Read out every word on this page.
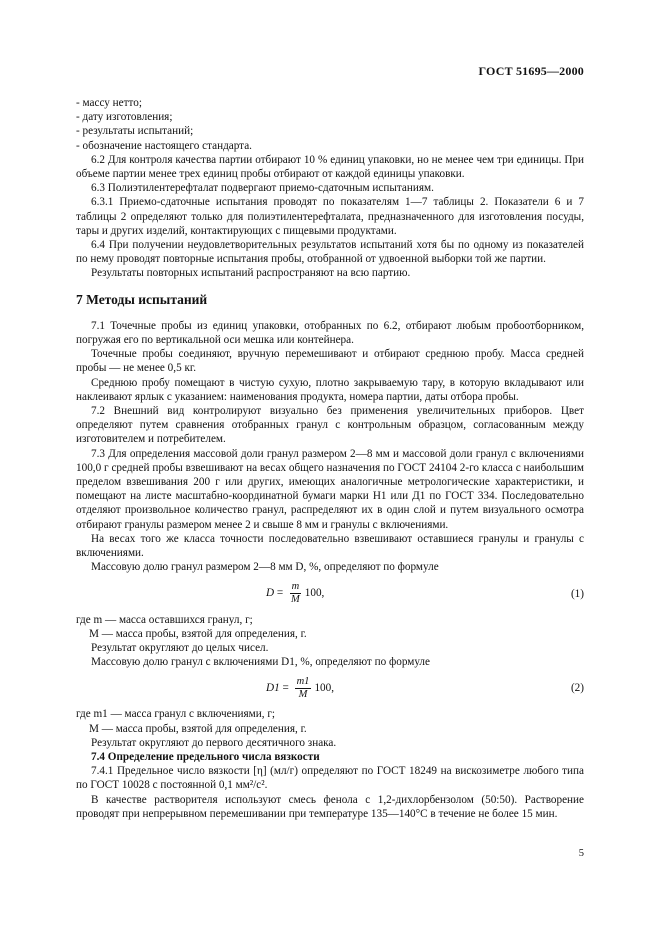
ГОСТ 51695—2000

- массу нетто;

- дату изготовления;

- результаты испытаний;

- обозначение настоящего стандарта.

6.2 Для контроля качества партии отбирают 10 % единиц упаковки, но не менее чем три единицы. При объеме партии менее трех единиц пробы отбирают от каждой единицы упаковки.

6.3 Полиэтилентерефталат подвергают приемо-сдаточным испытаниям.

6.3.1 Приемо-сдаточные испытания проводят по показателям 1—7 таблицы 2. Показатели 6 и 7 таблицы 2 определяют только для полиэтилентерефталата, предназначенного для изготовления посуды, тары и других изделий, контактирующих с пищевыми продуктами.

6.4 При получении неудовлетворительных результатов испытаний хотя бы по одному из показателей по нему проводят повторные испытания пробы, отобранной от удвоенной выборки той же партии.

Результаты повторных испытаний распространяют на всю партию.

7 Методы испытаний

7.1 Точечные пробы из единиц упаковки, отобранных по 6.2, отбирают любым пробоотборником, погружая его по вертикальной оси мешка или контейнера.

Точечные пробы соединяют, вручную перемешивают и отбирают среднюю пробу. Масса средней пробы — не менее 0,5 кг.

Среднюю пробу помещают в чистую сухую, плотно закрываемую тару, в которую вкладывают или наклеивают ярлык с указанием: наименования продукта, номера партии, даты отбора пробы.

7.2 Внешний вид контролируют визуально без применения увеличительных приборов. Цвет определяют путем сравнения отобранных гранул с контрольным образцом, согласованным между изготовителем и потребителем.

7.3 Для определения массовой доли гранул размером 2—8 мм и массовой доли гранул с включениями 100,0 г средней пробы взвешивают на весах общего назначения по ГОСТ 24104 2-го класса с наибольшим пределом взвешивания 200 г или других, имеющих аналогичные метрологические характеристики, и помещают на листе масштабно-координатной бумаги марки Н1 или Д1 по ГОСТ 334. Последовательно отделяют произвольное количество гранул, распределяют их в один слой и путем визуального осмотра отбирают гранулы размером менее 2 и свыше 8 мм и гранулы с включениями.

На весах того же класса точности последовательно взвешивают оставшиеся гранулы и гранулы с включениями.

Массовую долю гранул размером 2—8 мм D, %, определяют по формуле

$D = \frac{m}{M} 100$,	(1)

где m — масса оставшихся гранул, г;

M — масса пробы, взятой для определения, г.

Результат округляют до целых чисел.

Массовую долю гранул с включениями D1, %, определяют по формуле

$D1 = \frac{m1}{M} 100$,	(2)

где m1 — масса гранул с включениями, г;

M — масса пробы, взятой для определения, г.

Результат округляют до первого десятичного знака.

7.4 Определение предельного числа вязкости

7.4.1 Предельное число вязкости [η] (мл/г) определяют по ГОСТ 18249 на вискозиметре любого типа по ГОСТ 10028 с постоянной 0,1 мм²/с².

В качестве растворителя используют смесь фенола с 1,2-дихлорбензолом (50:50). Растворение проводят при непрерывном перемешивании при температуре 135—140°С в течение не более 15 мин.

5
